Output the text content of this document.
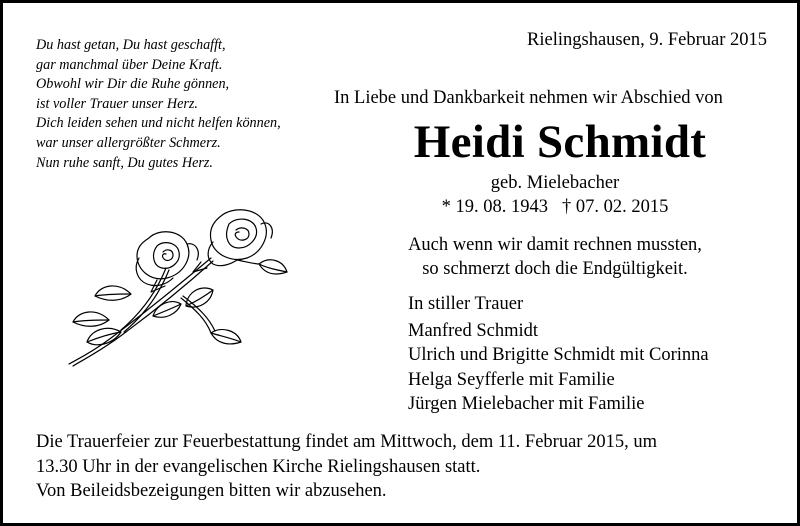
Du hast getan, Du hast geschafft,
gar manchmal über Deine Kraft.
Obwohl wir Dir die Ruhe gönnen,
ist voller Trauer unser Herz.
Dich leiden sehen und nicht helfen können,
war unser allergrößter Schmerz.
Nun ruhe sanft, Du gutes Herz.
Rielingshausen, 9. Februar 2015
In Liebe und Dankbarkeit nehmen wir Abschied von
Heidi Schmidt
geb. Mielebacher
* 19. 08. 1943 † 07. 02. 2015
Auch wenn wir damit rechnen mussten,
so schmerzt doch die Endgültigkeit.
In stiller Trauer
Manfred Schmidt
Ulrich und Brigitte Schmidt mit Corinna
Helga Seyfferle mit Familie
Jürgen Mielebacher mit Familie
Die Trauerfeier zur Feuerbestattung findet am Mittwoch, dem 11. Februar 2015, um
13.30 Uhr in der evangelischen Kirche Rielingshausen statt.
Von Beileidsbezeigungen bitten wir abzusehen.
